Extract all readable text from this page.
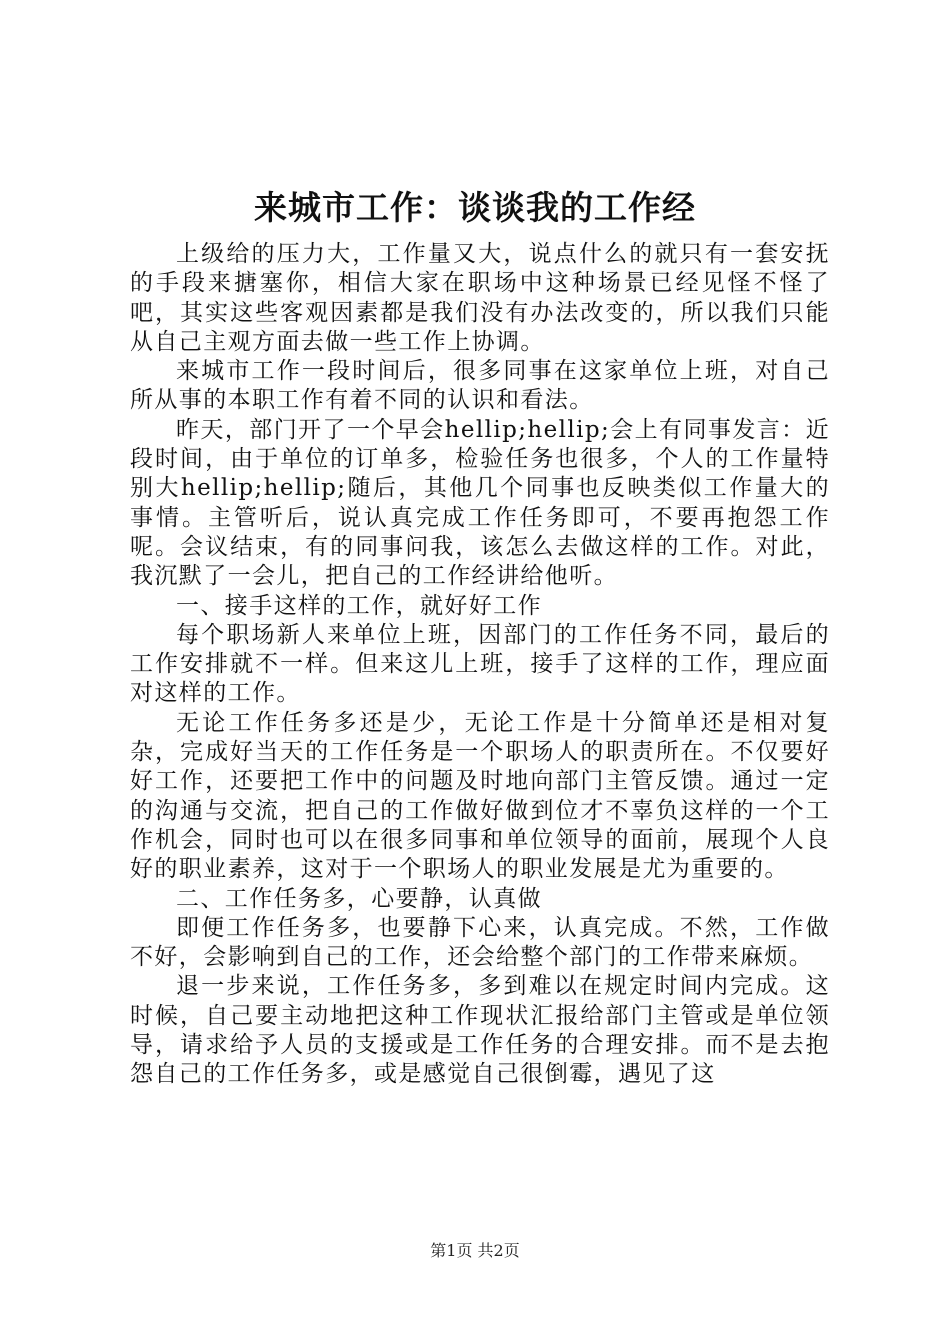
来城市工作：谈谈我的工作经

上级给的压力大，工作量又大，说点什么的就只有一套安抚的手段来搪塞你，相信大家在职场中这种场景已经见怪不怪了吧，其实这些客观因素都是我们没有办法改变的，所以我们只能从自己主观方面去做一些工作上协调。

来城市工作一段时间后，很多同事在这家单位上班，对自己所从事的本职工作有着不同的认识和看法。

昨天，部门开了一个早会hellip;hellip;会上有同事发言：近段时间，由于单位的订单多，检验任务也很多，个人的工作量特别大hellip;hellip;随后，其他几个同事也反映类似工作量大的事情。主管听后，说认真完成工作任务即可，不要再抱怨工作呢。会议结束，有的同事问我，该怎么去做这样的工作。对此，我沉默了一会儿，把自己的工作经讲给他听。

一、接手这样的工作，就好好工作

每个职场新人来单位上班，因部门的工作任务不同，最后的工作安排就不一样。但来这儿上班，接手了这样的工作，理应面对这样的工作。

无论工作任务多还是少，无论工作是十分简单还是相对复杂，完成好当天的工作任务是一个职场人的职责所在。不仅要好好工作，还要把工作中的问题及时地向部门主管反馈。通过一定的沟通与交流，把自己的工作做好做到位才不辜负这样的一个工作机会，同时也可以在很多同事和单位领导的面前，展现个人良好的职业素养，这对于一个职场人的职业发展是尤为重要的。

二、工作任务多，心要静，认真做

即便工作任务多，也要静下心来，认真完成。不然，工作做不好，会影响到自己的工作，还会给整个部门的工作带来麻烦。

退一步来说，工作任务多，多到难以在规定时间内完成。这时候，自己要主动地把这种工作现状汇报给部门主管或是单位领导，请求给予人员的支援或是工作任务的合理安排。而不是去抱怨自己的工作任务多，或是感觉自己很倒霉，遇见了这

第1页 共2页
